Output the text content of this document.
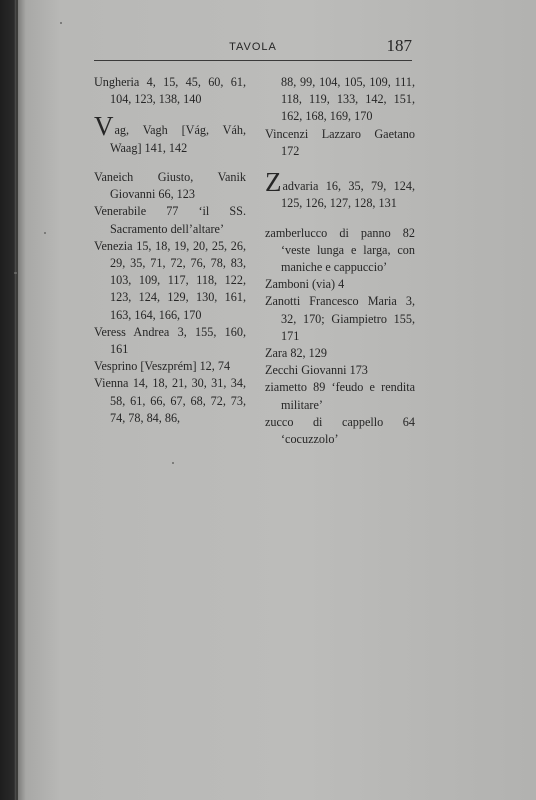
TAVOLA	187

Ungheria 4, 15, 45, 60, 61, 104, 123, 138, 140

Vag, Vagh [Vág, Váh, Waag] 141, 142

Vaneich Giusto, Vanik Giovanni 66, 123

Venerabile 77 ‘il SS. Sacramento dell’altare’

Venezia 15, 18, 19, 20, 25, 26, 29, 35, 71, 72, 76, 78, 83, 103, 109, 117, 118, 122, 123, 124, 129, 130, 161, 163, 164, 166, 170

Veress Andrea 3, 155, 160, 161

Vesprino [Veszprém] 12, 74

Vienna 14, 18, 21, 30, 31, 34, 58, 61, 66, 67, 68, 72, 73, 74, 78, 84, 86,

88, 99, 104, 105, 109, 111, 118, 119, 133, 142, 151, 162, 168, 169, 170

Vincenzi Lazzaro Gaetano 172

Zadvaria 16, 35, 79, 124, 125, 126, 127, 128, 131

zamberlucco di panno 82 ‘veste lunga e larga, con maniche e cappuccio’

Zamboni (via) 4

Zanotti Francesco Maria 3, 32, 170; Giampietro 155, 171

Zara 82, 129

Zecchi Giovanni 173

ziametto 89 ‘feudo e rendita militare’

zucco di cappello 64 ‘cocuzzolo’
